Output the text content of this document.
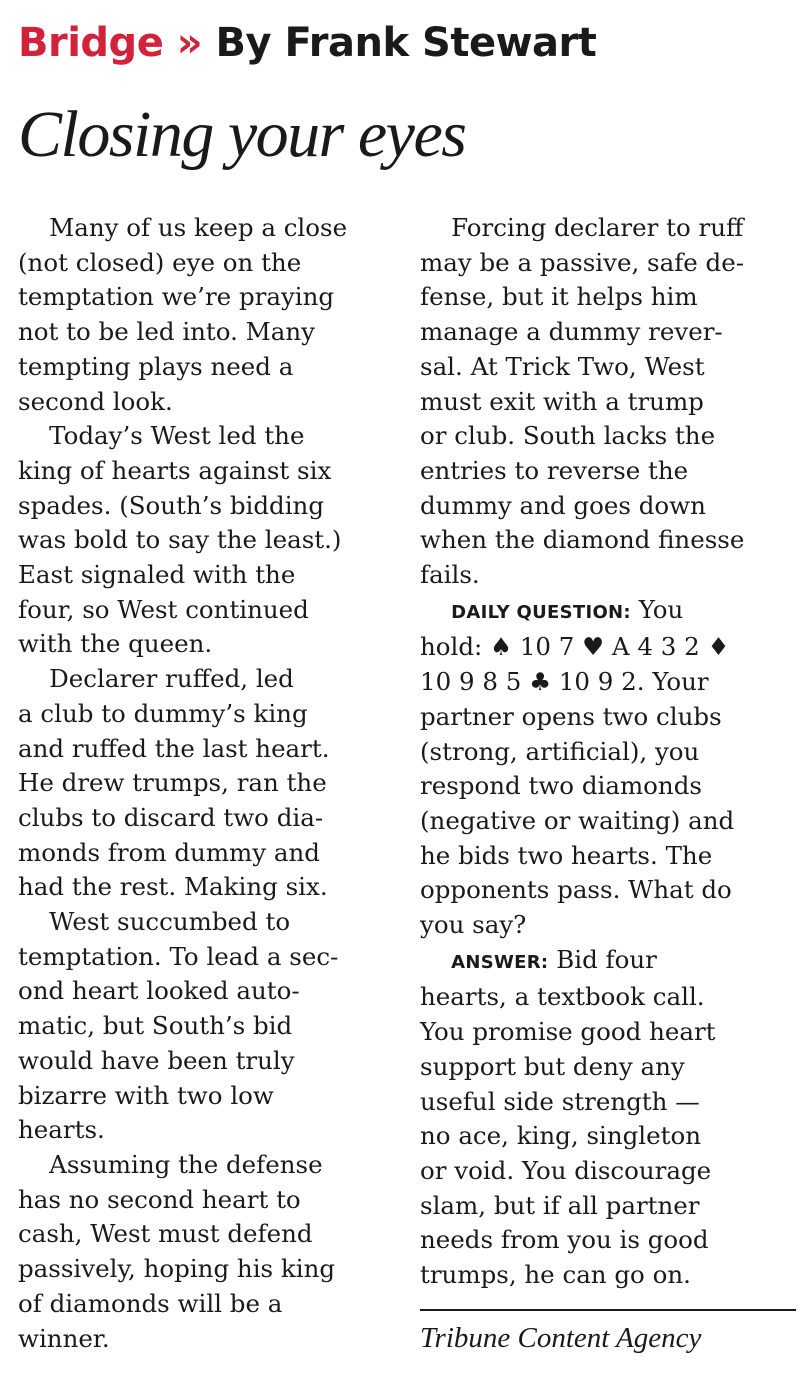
Bridge » By Frank Stewart
Closing your eyes

Many of us keep a close

(not closed) eye on the

temptation we’re praying

not to be led into. Many

tempting plays need a

second look.

Today’s West led the

king of hearts against six

spades. (South’s bidding

was bold to say the least.)

East signaled with the

four, so West continued

with the queen.

Declarer ruffed, led

a club to dummy’s king

and ruffed the last heart.

He drew trumps, ran the

clubs to discard two dia-

monds from dummy and

had the rest. Making six.

West succumbed to

temptation. To lead a sec-

ond heart looked auto-

matic, but South’s bid

would have been truly

bizarre with two low

hearts.

Assuming the defense

has no second heart to

cash, West must defend

passively, hoping his king

of diamonds will be a

winner.

Forcing declarer to ruff

may be a passive, safe de-

fense, but it helps him

manage a dummy rever-

sal. At Trick Two, West

must exit with a trump

or club. South lacks the

entries to reverse the

dummy and goes down

when the diamond finesse

fails.

DAILY QUESTION: You

hold: ♠ 10 7 ♥ A 4 3 2 ♦

10 9 8 5 ♣ 10 9 2. Your

partner opens two clubs

(strong, artificial), you

respond two diamonds

(negative or waiting) and

he bids two hearts. The

opponents pass. What do

you say?

ANSWER: Bid four

hearts, a textbook call.

You promise good heart

support but deny any

useful side strength —

no ace, king, singleton

or void. You discourage

slam, but if all partner

needs from you is good

trumps, he can go on.

Tribune Content Agency
